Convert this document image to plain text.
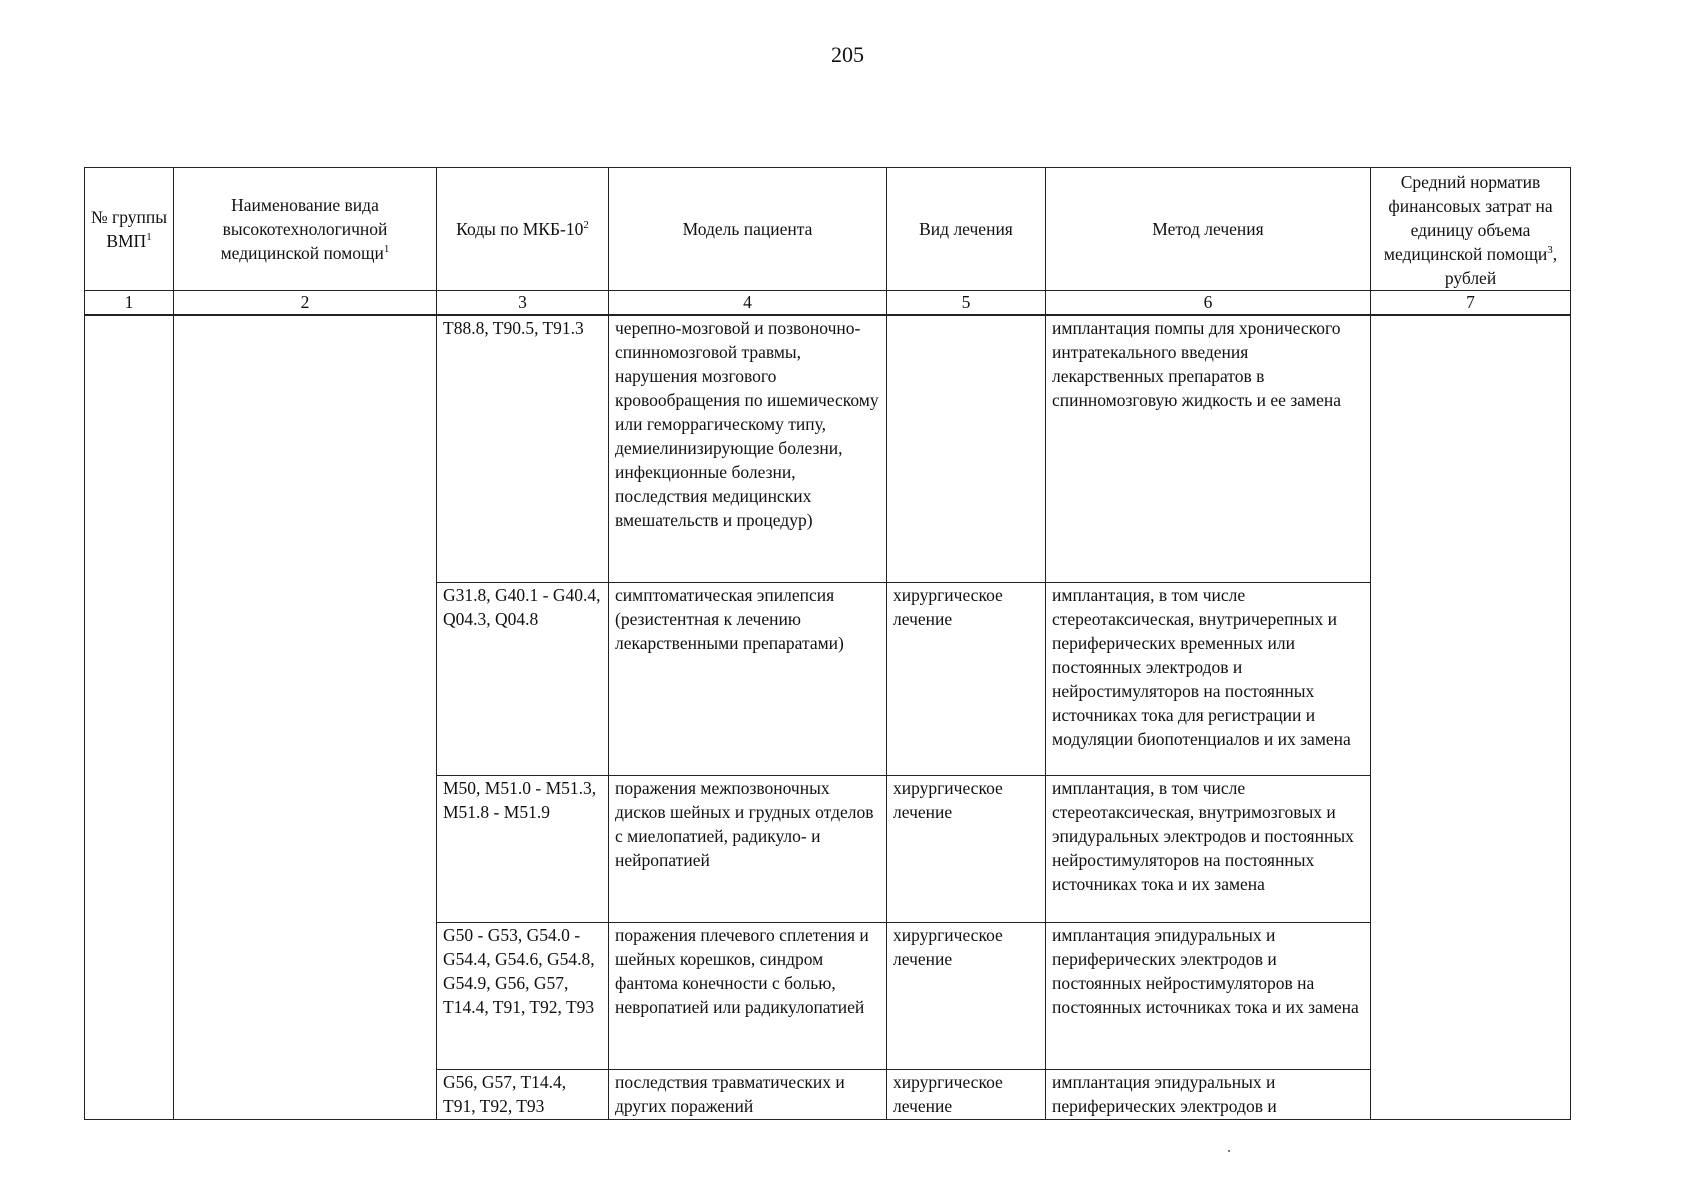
205
№ группы ВМП$^1$	Наименование вида высокотехнологичной медицинской помощи$^1$	Коды по МКБ-$10^2$	Модель пациента	Вид лечения	Метод лечения	Средний норматив финансовых затрат на единицу объема медицинской помощи$^3$, рублей
1	2	3	4	5	6	7
		T88.8, T90.5, T91.3	черепно-мозговой и позвоночно-спинномозговой травмы, нарушения мозгового кровообращения по ишемическому или геморрагическому типу, демиелинизирующие болезни, инфекционные болезни, последствия медицинских вмешательств и процедур)		имплантация помпы для хронического интратекального введения лекарственных препаратов в спинномозговую жидкость и ее замена	
		G31.8, G40.1 - G40.4, Q04.3, Q04.8	симптоматическая эпилепсия (резистентная к лечению лекарственными препаратами)	хирургическое лечение	имплантация, в том числе стереотаксическая, внутричерепных и периферических временных или постоянных электродов и нейростимуляторов на постоянных источниках тока для регистрации и модуляции биопотенциалов и их замена	
		M50, M51.0 - M51.3, M51.8 - M51.9	поражения межпозвоночных дисков шейных и грудных отделов с миелопатией, радикуло- и нейропатией	хирургическое лечение	имплантация, в том числе стереотаксическая, внутримозговых и эпидуральных электродов и постоянных нейростимуляторов на постоянных источниках тока и их замена	
		G50 - G53, G54.0 - G54.4, G54.6, G54.8, G54.9, G56, G57, T14.4, T91, T92, T93	поражения плечевого сплетения и шейных корешков, синдром фантома конечности с болью, невропатией или радикулопатией	хирургическое лечение	имплантация эпидуральных и периферических электродов и постоянных нейростимуляторов на постоянных источниках тока и их замена	

		G56, G57, T14.4, T91, T92, T93	последствия травматических и других поражений	хирургическое лечение	имплантация эпидуральных и периферических электродов и	
